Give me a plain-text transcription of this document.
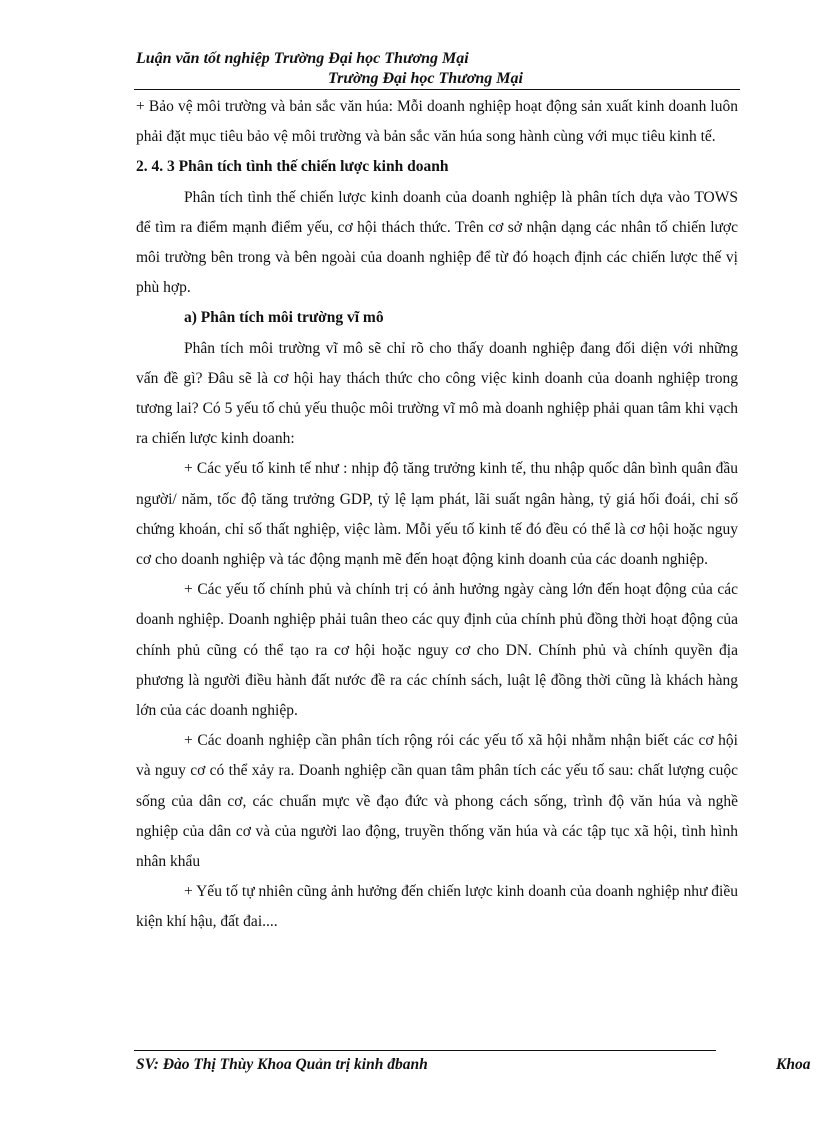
Luận văn tốt nghiệp Trường Đại học Thương Mại
Trường Đại học Thương Mại

+ Bảo vệ môi trường và bản sắc văn húa: Mỗi doanh nghiệp hoạt động sản xuất kinh doanh luôn phải đặt mục tiêu bảo vệ môi trường và bản sắc văn húa song hành cùng với mục tiêu kinh tế.

2. 4. 3 Phân tích tình thế chiến lược kinh doanh

Phân tích tình thế chiến lược kinh doanh của doanh nghiệp là phân tích dựa vào TOWS để tìm ra điểm mạnh điểm yếu, cơ hội thách thức. Trên cơ sở nhận dạng các nhân tố chiến lược môi trường bên trong và bên ngoài của doanh nghiệp để từ đó hoạch định các chiến lược thế vị phù hợp.

a) Phân tích môi trường vĩ mô

Phân tích môi trường vĩ mô sẽ chỉ rõ cho thấy doanh nghiệp đang đối diện với những vấn đề gì? Đâu sẽ là cơ hội hay thách thức cho công việc kinh doanh của doanh nghiệp trong tương lai? Có 5 yếu tố chủ yếu thuộc môi trường vĩ mô mà doanh nghiệp phải quan tâm khi vạch ra chiến lược kinh doanh:

+ Các yếu tố kinh tế như : nhịp độ tăng trưởng kinh tế, thu nhập quốc dân bình quân đầu người/ năm, tốc độ tăng trưởng GDP, tỷ lệ lạm phát, lãi suất ngân hàng, tỷ giá hối đoái, chỉ số chứng khoán, chỉ số thất nghiệp, việc làm. Mỗi yếu tố kinh tế đó đều có thể là cơ hội hoặc nguy cơ cho doanh nghiệp và tác động mạnh mẽ đến hoạt động kinh doanh của các doanh nghiệp.

+ Các yếu tố chính phủ và chính trị có ảnh hưởng ngày càng lớn đến hoạt động của các doanh nghiệp. Doanh nghiệp phải tuân theo các quy định của chính phủ đồng thời hoạt động của chính phủ cũng có thể tạo ra cơ hội hoặc nguy cơ cho DN. Chính phủ và chính quyền địa phương là người điều hành đất nước đề ra các chính sách, luật lệ đồng thời cũng là khách hàng lớn của các doanh nghiệp.

+ Các doanh nghiệp cần phân tích rộng rói các yếu tố xã hội nhằm nhận biết các cơ hội và nguy cơ có thể xảy ra. Doanh nghiệp cần quan tâm phân tích các yếu tố sau: chất lượng cuộc sống của dân cơ, các chuẩn mực về đạo đức và phong cách sống, trình độ văn húa và nghề nghiệp của dân cơ và của người lao động, truyền thống văn húa và các tập tục xã hội, tình hình nhân khẩu

+ Yếu tố tự nhiên cũng ảnh hưởng đến chiến lược kinh doanh của doanh nghiệp như điều kiện khí hậu, đất đai....

SV: Đào Thị Thùy Khoa Quản trị kinh đbanh	Khoa
